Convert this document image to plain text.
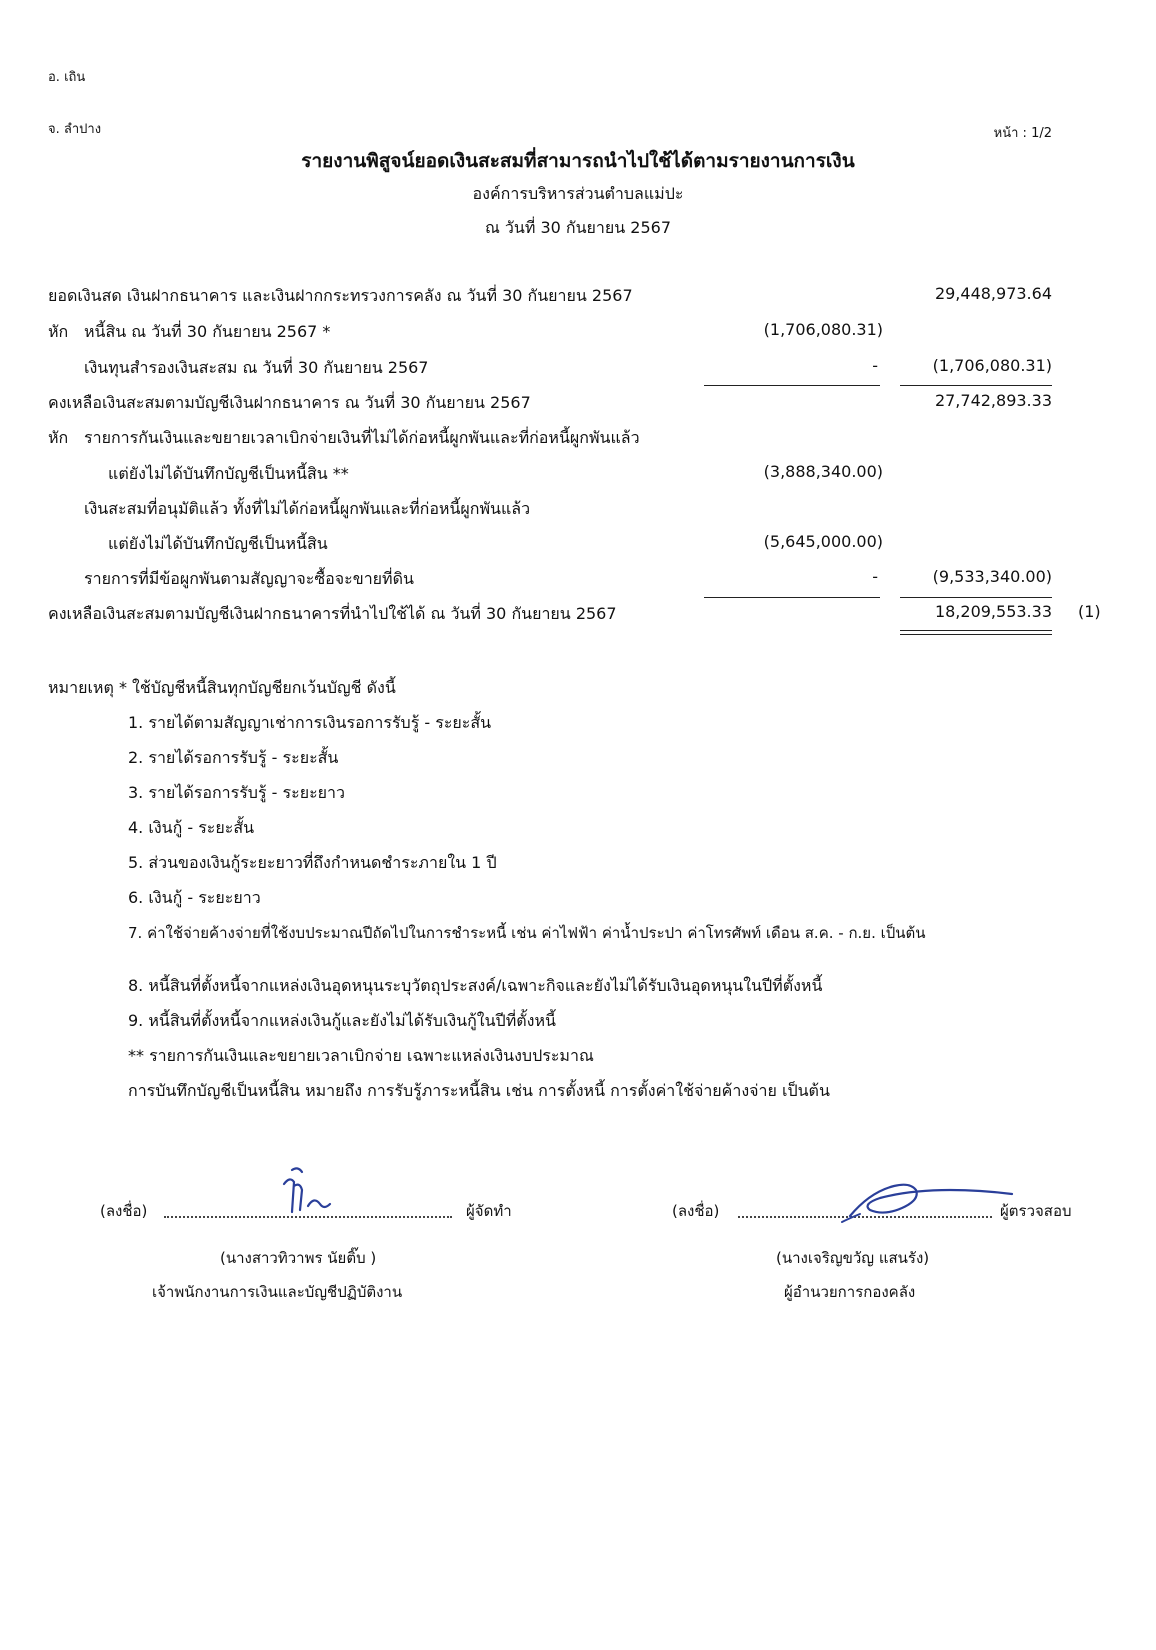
อ. เถิน
จ. ลำปาง	หน้า : 1/2
รายงานพิสูจน์ยอดเงินสะสมที่สามารถนำไปใช้ได้ตามรายงานการเงิน
องค์การบริหารส่วนตำบลแม่ปะ
ณ วันที่ 30 กันยายน 2567
ยอดเงินสด เงินฝากธนาคาร และเงินฝากกระทรวงการคลัง ณ วันที่ 30 กันยายน 2567	29,448,973.64
หัก หนี้สิน ณ วันที่ 30 กันยายน 2567 *	(1,706,080.31)
เงินทุนสำรองเงินสะสม ณ วันที่ 30 กันยายน 2567	-	(1,706,080.31)
คงเหลือเงินสะสมตามบัญชีเงินฝากธนาคาร ณ วันที่ 30 กันยายน 2567	27,742,893.33
หัก รายการกันเงินและขยายเวลาเบิกจ่ายเงินที่ไม่ได้ก่อหนี้ผูกพันและที่ก่อหนี้ผูกพันแล้ว
แต่ยังไม่ได้บันทึกบัญชีเป็นหนี้สิน **	(3,888,340.00)
เงินสะสมที่อนุมัติแล้ว ทั้งที่ไม่ได้ก่อหนี้ผูกพันและที่ก่อหนี้ผูกพันแล้ว
แต่ยังไม่ได้บันทึกบัญชีเป็นหนี้สิน	(5,645,000.00)
รายการที่มีข้อผูกพันตามสัญญาจะซื้อจะขายที่ดิน	-	(9,533,340.00)
คงเหลือเงินสะสมตามบัญชีเงินฝากธนาคารที่นำไปใช้ได้ ณ วันที่ 30 กันยายน 2567	18,209,553.33 (1)
หมายเหตุ * ใช้บัญชีหนี้สินทุกบัญชียกเว้นบัญชี ดังนี้
1. รายได้ตามสัญญาเช่าการเงินรอการรับรู้ - ระยะสั้น
2. รายได้รอการรับรู้ - ระยะสั้น
3. รายได้รอการรับรู้ - ระยะยาว
4. เงินกู้ - ระยะสั้น
5. ส่วนของเงินกู้ระยะยาวที่ถึงกำหนดชำระภายใน 1 ปี
6. เงินกู้ - ระยะยาว
7. ค่าใช้จ่ายค้างจ่ายที่ใช้งบประมาณปีถัดไปในการชำระหนี้ เช่น ค่าไฟฟ้า ค่าน้ำประปา ค่าโทรศัพท์ เดือน ส.ค. - ก.ย. เป็นต้น
8. หนี้สินที่ตั้งหนี้จากแหล่งเงินอุดหนุนระบุวัตถุประสงค์/เฉพาะกิจและยังไม่ได้รับเงินอุดหนุนในปีที่ตั้งหนี้
9. หนี้สินที่ตั้งหนี้จากแหล่งเงินกู้และยังไม่ได้รับเงินกู้ในปีที่ตั้งหนี้
** รายการกันเงินและขยายเวลาเบิกจ่าย เฉพาะแหล่งเงินงบประมาณ
การบันทึกบัญชีเป็นหนี้สิน หมายถึง การรับรู้ภาระหนี้สิน เช่น การตั้งหนี้ การตั้งค่าใช้จ่ายค้างจ่าย เป็นต้น
(ลงชื่อ)	ผู้จัดทำ
(นางสาวทิวาพร นัยติ๊บ )
เจ้าพนักงานการเงินและบัญชีปฏิบัติงาน
(ลงชื่อ)	ผู้ตรวจสอบ
(นางเจริญขวัญ แสนรัง)
ผู้อำนวยการกองคลัง
